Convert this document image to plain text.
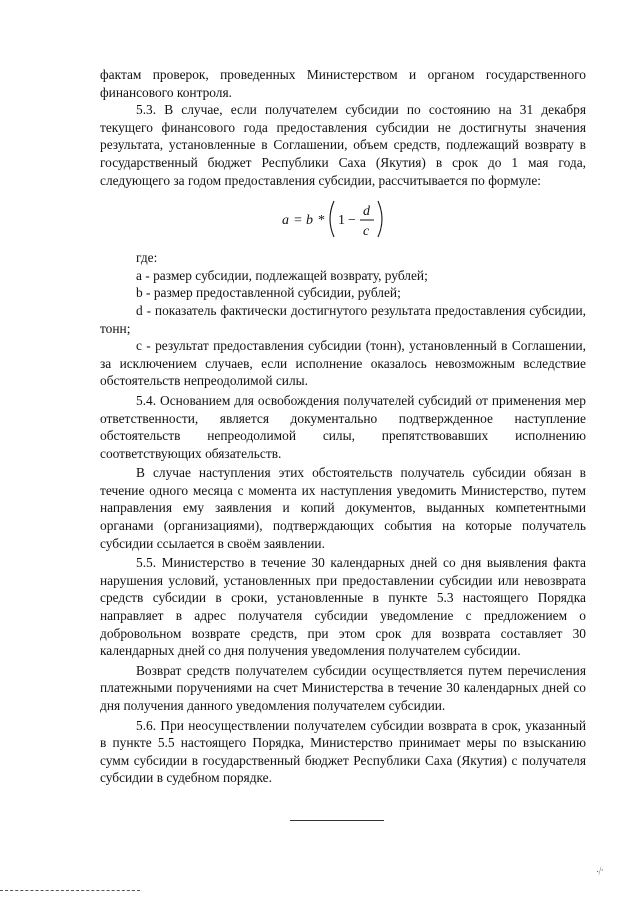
фактам проверок, проведенных Министерством и органом государственного финансового контроля.

5.3. В случае, если получателем субсидии по состоянию на 31 декабря текущего финансового года предоставления субсидии не достигнуты значения результата, установленные в Соглашении, объем средств, подлежащий возврату в государственный бюджет Республики Саха (Якутия) в срок до 1 мая года, следующего за годом предоставления субсидии, рассчитывается по формуле:

a = b * 1 −
d
c

где:

a - размер субсидии, подлежащей возврату, рублей;

b - размер предоставленной субсидии, рублей;

d - показатель фактически достигнутого результата предоставления субсидии, тонн;

c - результат предоставления субсидии (тонн), установленный в Соглашении, за исключением случаев, если исполнение оказалось невозможным вследствие обстоятельств непреодолимой силы.

5.4. Основанием для освобождения получателей субсидий от применения мер ответственности, является документально подтвержденное наступление обстоятельств непреодолимой силы, препятствовавших исполнению соответствующих обязательств.

В случае наступления этих обстоятельств получатель субсидии обязан в течение одного месяца с момента их наступления уведомить Министерство, путем направления ему заявления и копий документов, выданных компетентными органами (организациями), подтверждающих события на которые получатель субсидии ссылается в своём заявлении.

5.5. Министерство в течение 30 календарных дней со дня выявления факта нарушения условий, установленных при предоставлении субсидии или невозврата средств субсидии в сроки, установленные в пункте 5.3 настоящего Порядка направляет в адрес получателя субсидии уведомление с предложением о добровольном возврате средств, при этом срок для возврата составляет 30 календарных дней со дня получения уведомления получателем субсидии.

Возврат средств получателем субсидии осуществляется путем перечисления платежными поручениями на счет Министерства в течение 30 календарных дней со дня получения данного уведомления получателем субсидии.

5.6. При неосуществлении получателем субсидии возврата в срок, указанный в пункте 5.5 настоящего Порядка, Министерство принимает меры по взысканию сумм субсидии в государственный бюджет Республики Саха (Якутия) с получателя субсидии в судебном порядке.

·⁄·
